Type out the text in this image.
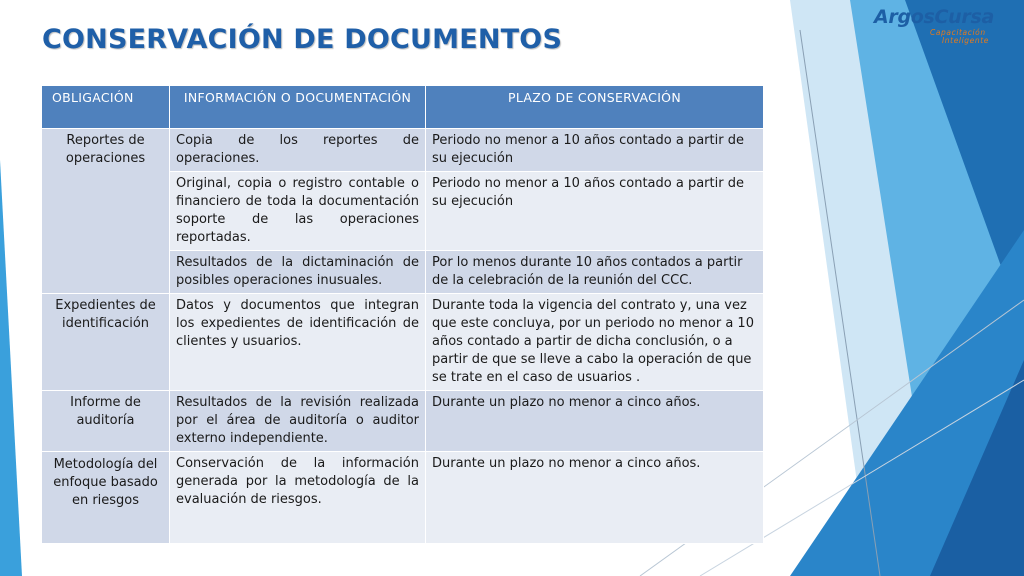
CONSERVACIÓN DE DOCUMENTOS
ArgosCursa
Capacitación
Inteligente
OBLIGACIÓN	INFORMACIÓN O DOCUMENTACIÓN	PLAZO DE CONSERVACIÓN
Reportes de operaciones	Copia de los reportes de operaciones.	Periodo no menor a 10 años contado a partir de su ejecución
	Original, copia o registro contable o financiero de toda la documentación soporte de las operaciones reportadas.	Periodo no menor a 10 años contado a partir de su ejecución
	Resultados de la dictaminación de posibles operaciones inusuales.	Por lo menos durante 10 años contados a partir de la celebración de la reunión del CCC.
Expedientes de identificación	Datos y documentos que integran los expedientes de identificación de clientes y usuarios.	Durante toda la vigencia del contrato y, una vez que este concluya, por un periodo no menor a 10 años contado a partir de dicha conclusión, o a partir de que se lleve a cabo la operación de que se trate en el caso de usuarios .
Informe de auditoría	Resultados de la revisión realizada por el área de auditoría o auditor externo independiente.	Durante un plazo no menor a cinco años.
Metodología del enfoque basado en riesgos	Conservación de la información generada por la metodología de la evaluación de riesgos.	Durante un plazo no menor a cinco años.
